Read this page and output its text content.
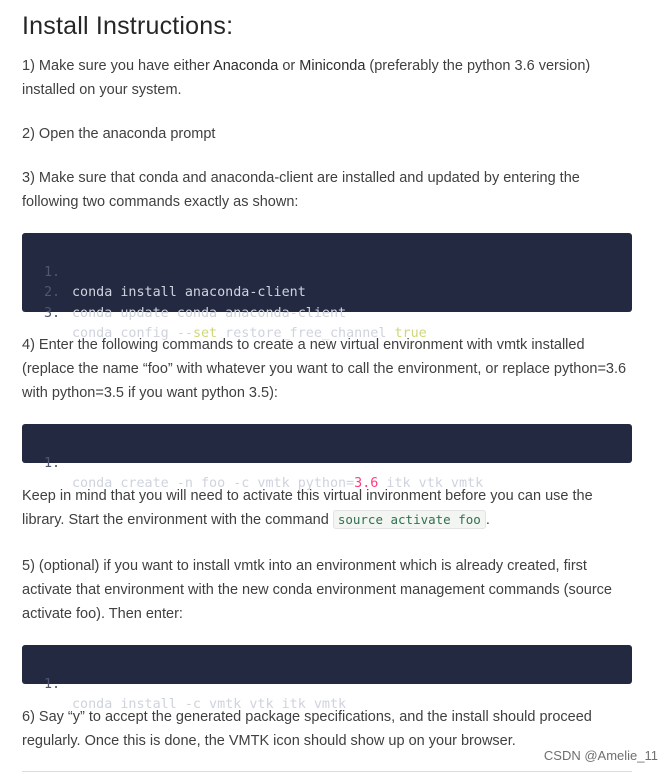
Install Instructions:

1) Make sure you have either Anaconda or Miniconda (preferably the python 3.6 version) installed on your system.

2) Open the anaconda prompt

3) Make sure that conda and anaconda-client are installed and updated by entering the following two commands exactly as shown:

1.

conda install anaconda-client

2.

conda update conda anaconda-client

3.

conda config --set restore_free_channel true

4) Enter the following commands to create a new virtual environment with vmtk installed (replace the name “foo” with whatever you want to call the environment, or replace python=3.6 with python=3.5 if you want python 3.5):

1.

conda create -n foo -c vmtk python=3.6 itk vtk vmtk

Keep in mind that you will need to activate this virtual invironment before you can use the library. Start the environment with the command source activate foo .

5) (optional) if you want to install vmtk into an environment which is already created, first activate that environment with the new conda environment management commands (source activate foo). Then enter:

1.

conda install -c vmtk vtk itk vmtk

6) Say “y” to accept the generated package specifications, and the install should proceed regularly. Once this is done, the VMTK icon should show up on your browser.

CSDN @Amelie_11
